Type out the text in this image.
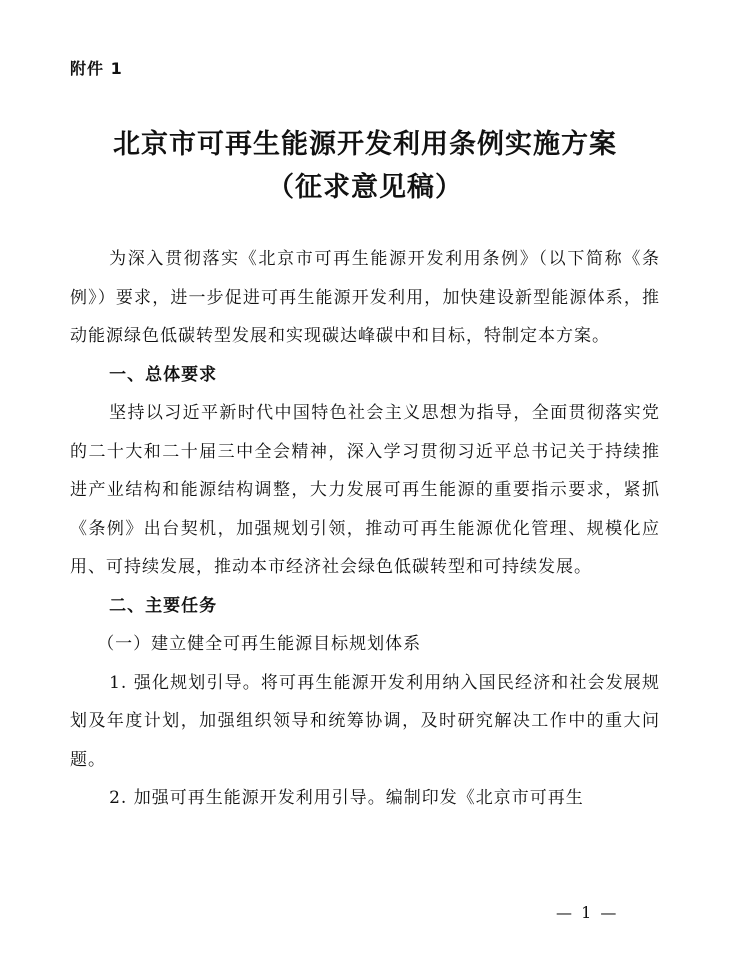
附件 1
北京市可再生能源开发利用条例实施方案
（征求意见稿）

为深入贯彻落实《北京市可再生能源开发利用条例》（以下简称《条例》）要求，进一步促进可再生能源开发利用，加快建设新型能源体系，推动能源绿色低碳转型发展和实现碳达峰碳中和目标，特制定本方案。

一、总体要求

坚持以习近平新时代中国特色社会主义思想为指导，全面贯彻落实党的二十大和二十届三中全会精神，深入学习贯彻习近平总书记关于持续推进产业结构和能源结构调整，大力发展可再生能源的重要指示要求，紧抓《条例》出台契机，加强规划引领，推动可再生能源优化管理、规模化应用、可持续发展，推动本市经济社会绿色低碳转型和可持续发展。

二、主要任务

（一）建立健全可再生能源目标规划体系

1. 强化规划引导。将可再生能源开发利用纳入国民经济和社会发展规划及年度计划，加强组织领导和统筹协调，及时研究解决工作中的重大问题。

2. 加强可再生能源开发利用引导。编制印发《北京市可再生

— 1 —
